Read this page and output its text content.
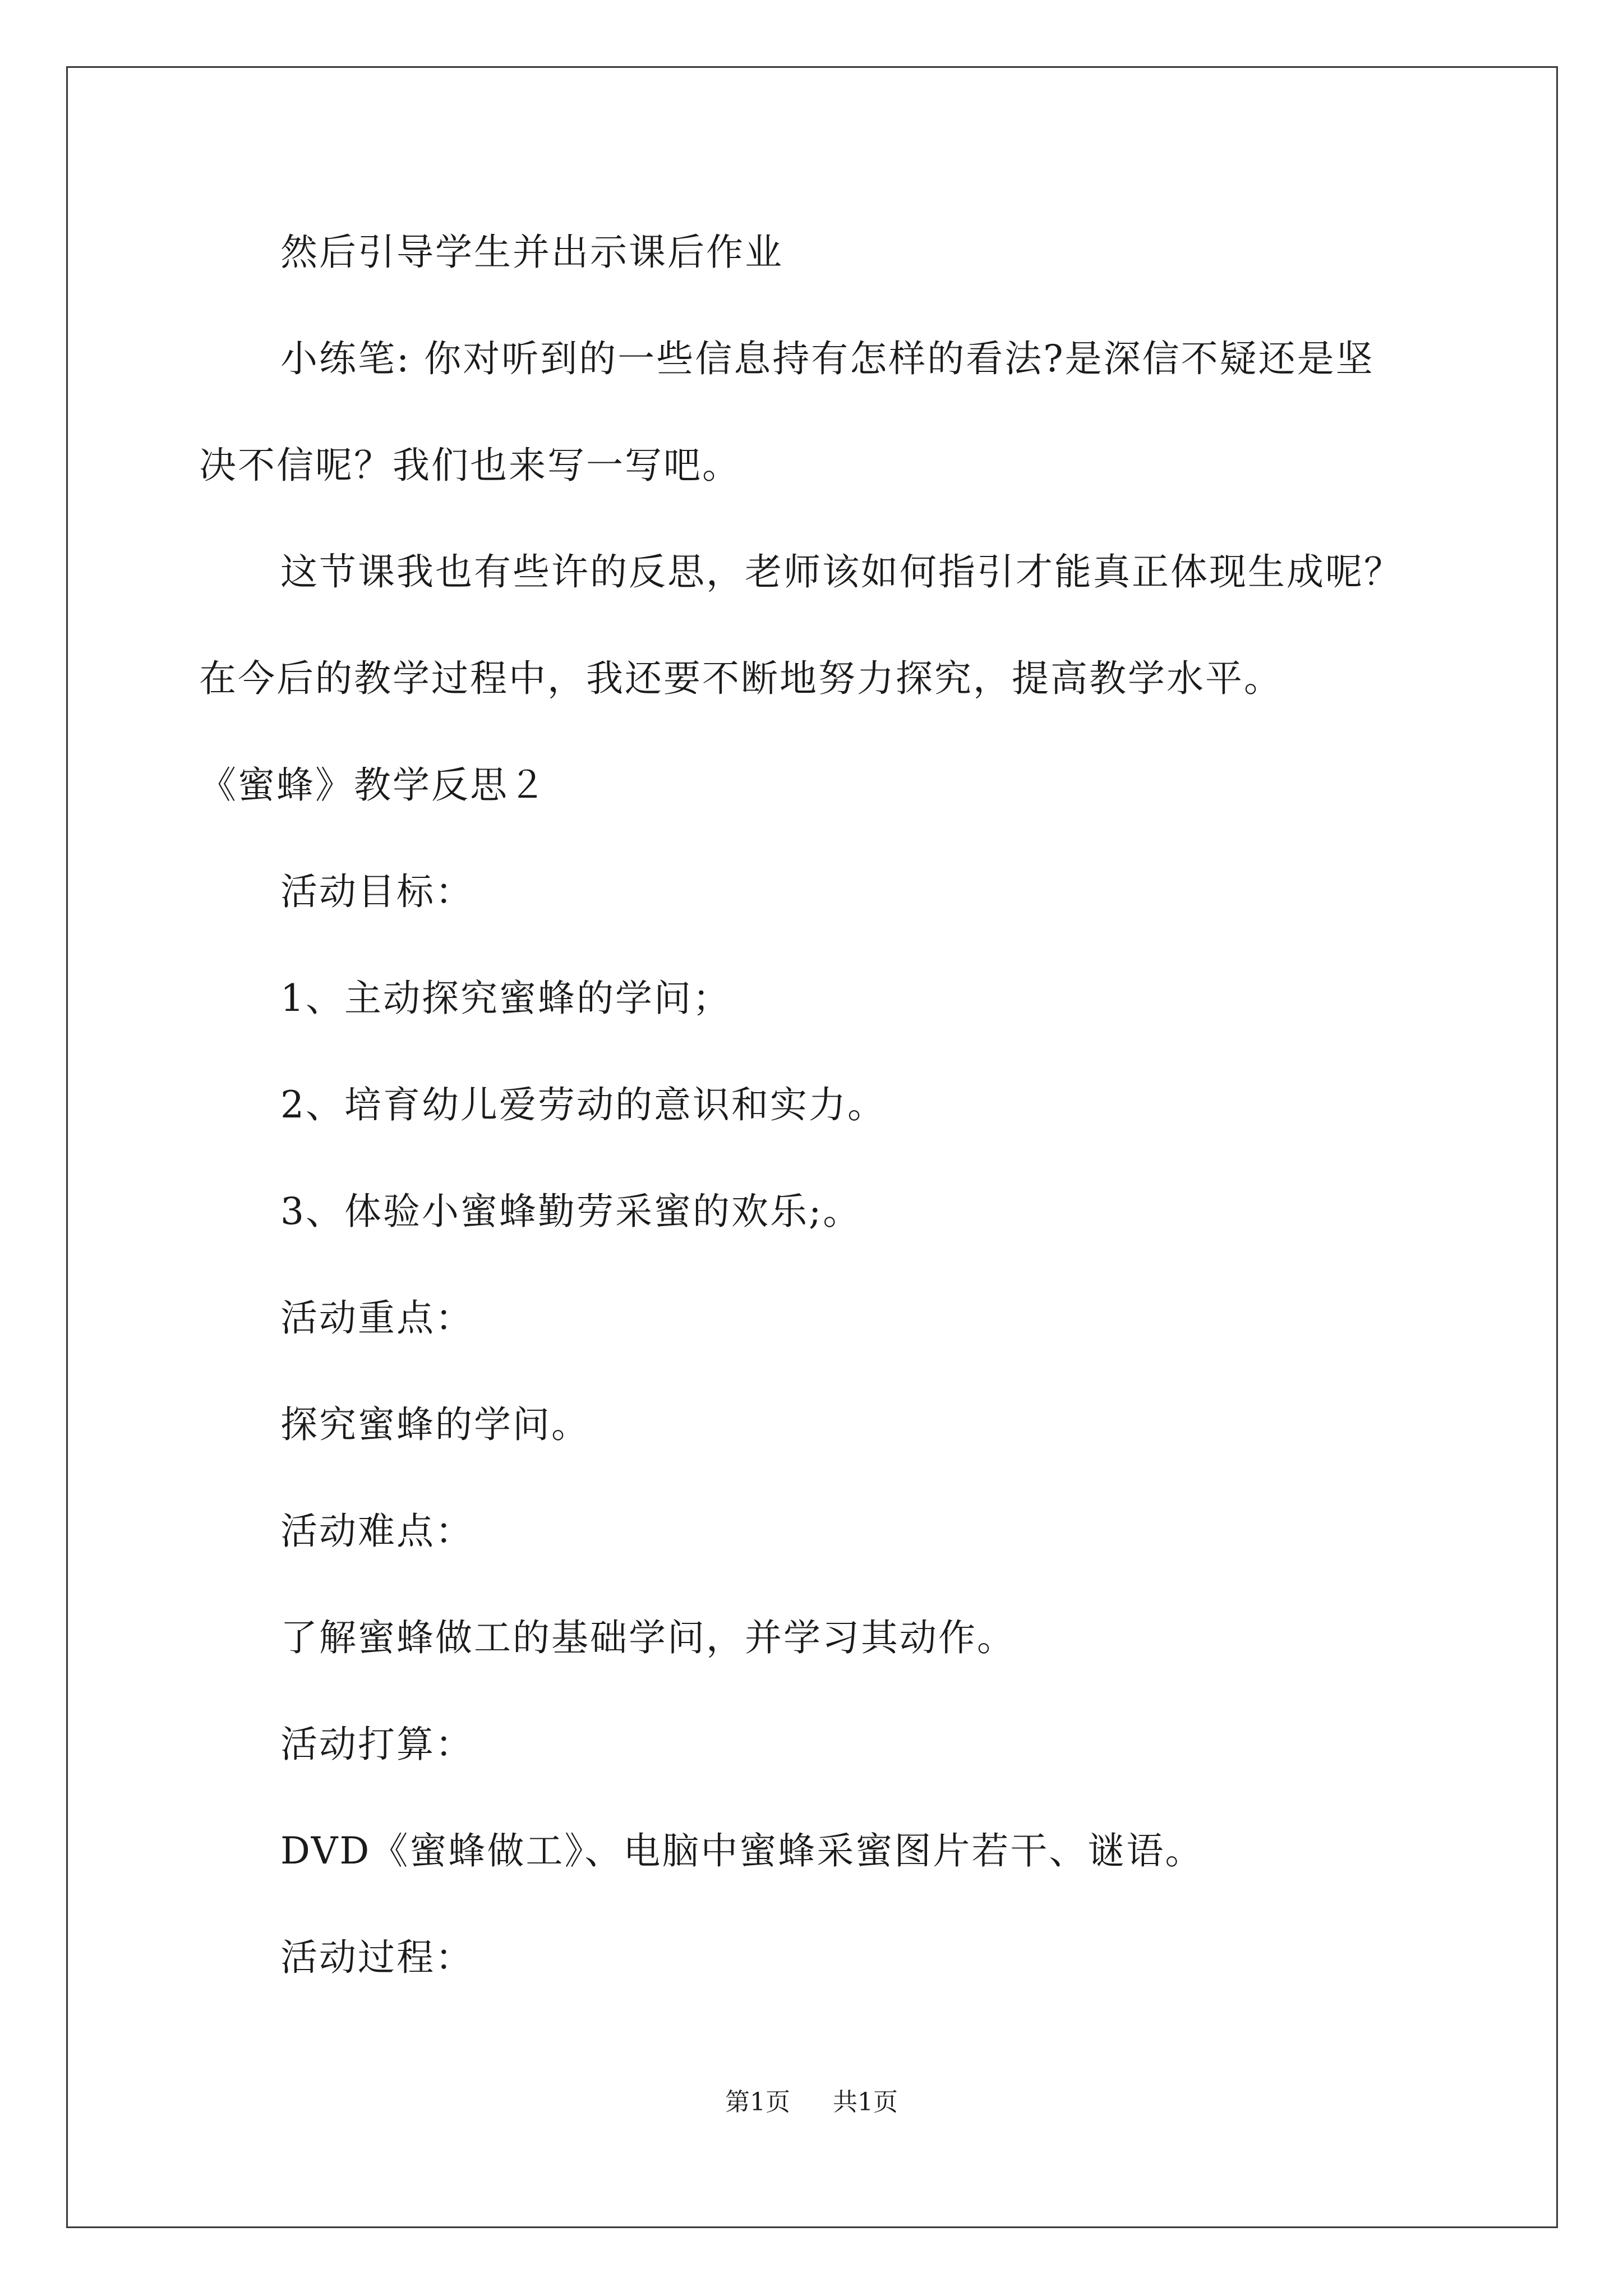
然后引导学生并出示课后作业
小练笔: 你对听到的一些信息持有怎样的看法?是深信不疑还是坚
决不信呢？我们也来写一写吧。
这节课我也有些许的反思，老师该如何指引才能真正体现生成呢？
在今后的教学过程中，我还要不断地努力探究，提高教学水平。
《蜜蜂》教学反思２
活动目标：
1、主动探究蜜蜂的学问；
2、培育幼儿爱劳动的意识和实力。
3、体验小蜜蜂勤劳采蜜的欢乐;。
活动重点：
探究蜜蜂的学问。
活动难点：
了解蜜蜂做工的基础学问，并学习其动作。
活动打算：
DVD《蜜蜂做工》、电脑中蜜蜂采蜜图片若干、谜语。
活动过程：
第1页 共1页
